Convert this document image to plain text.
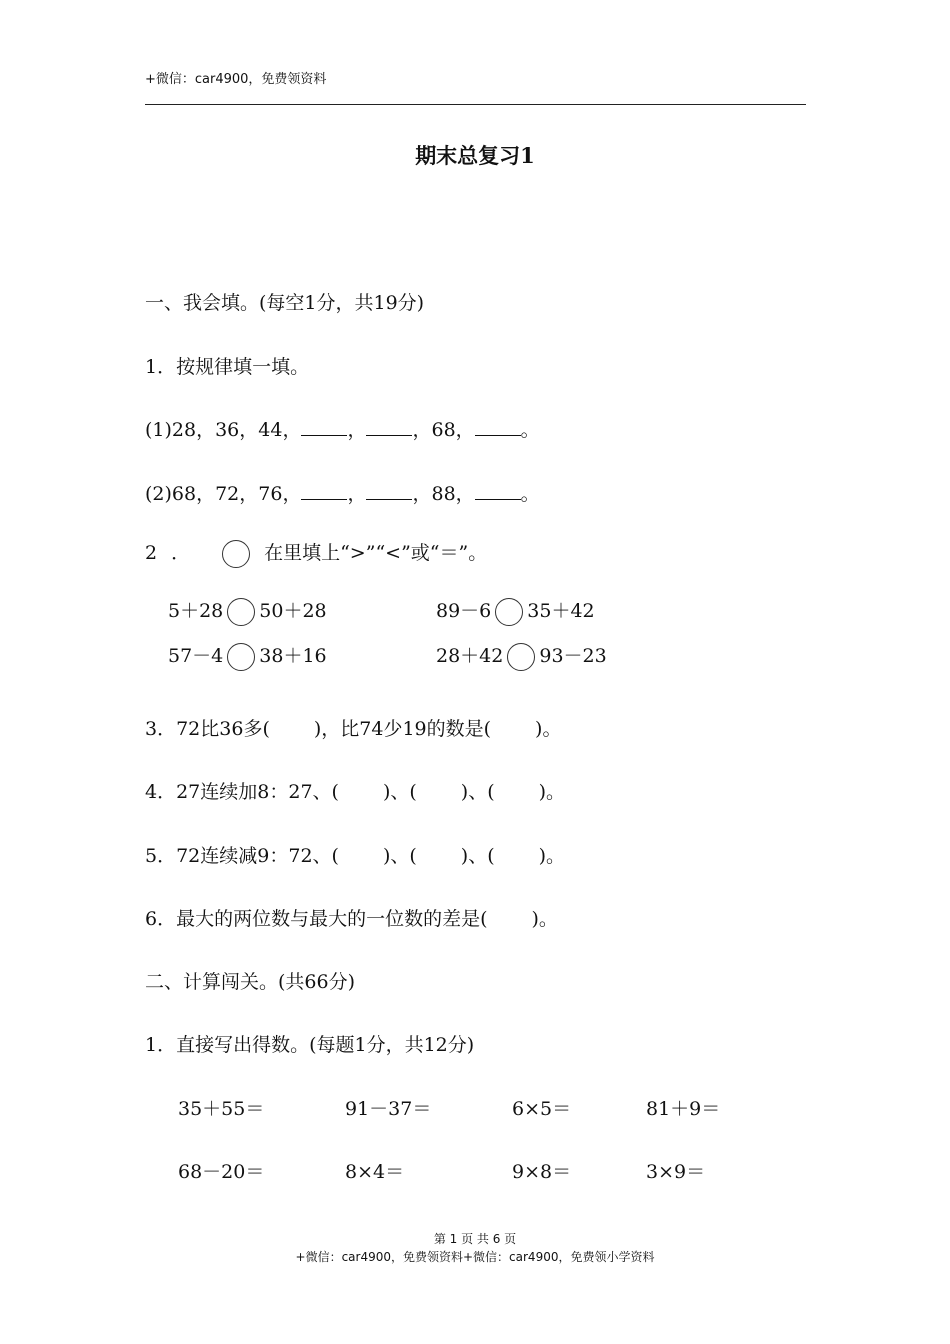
+微信：car4900，免费领资料
期末总复习1
一、我会填。(每空1分，共19分)
1．按规律填一填。
(1)28，36，44， ， ，68， 。
(2)68，72，76， ， ，88， 。
2．	在里填上“>”“<”或“＝”。
5＋28 50＋28	89－6 35＋42
57－4 38＋16	28＋42 93－23
3．72比36多( )，比74少19的数是( )。
4．27连续加8：27、( )、( )、( )。
5．72连续减9：72、( )、( )、( )。
6．最大的两位数与最大的一位数的差是( )。
二、计算闯关。(共66分)
1．直接写出得数。(每题1分，共12分)
35＋55＝	91－37＝	6×5＝	81＋9＝
68－20＝	8×4＝	9×8＝	3×9＝
第 1 页 共 6 页
+微信：car4900，免费领资料+微信：car4900，免费领小学资料
